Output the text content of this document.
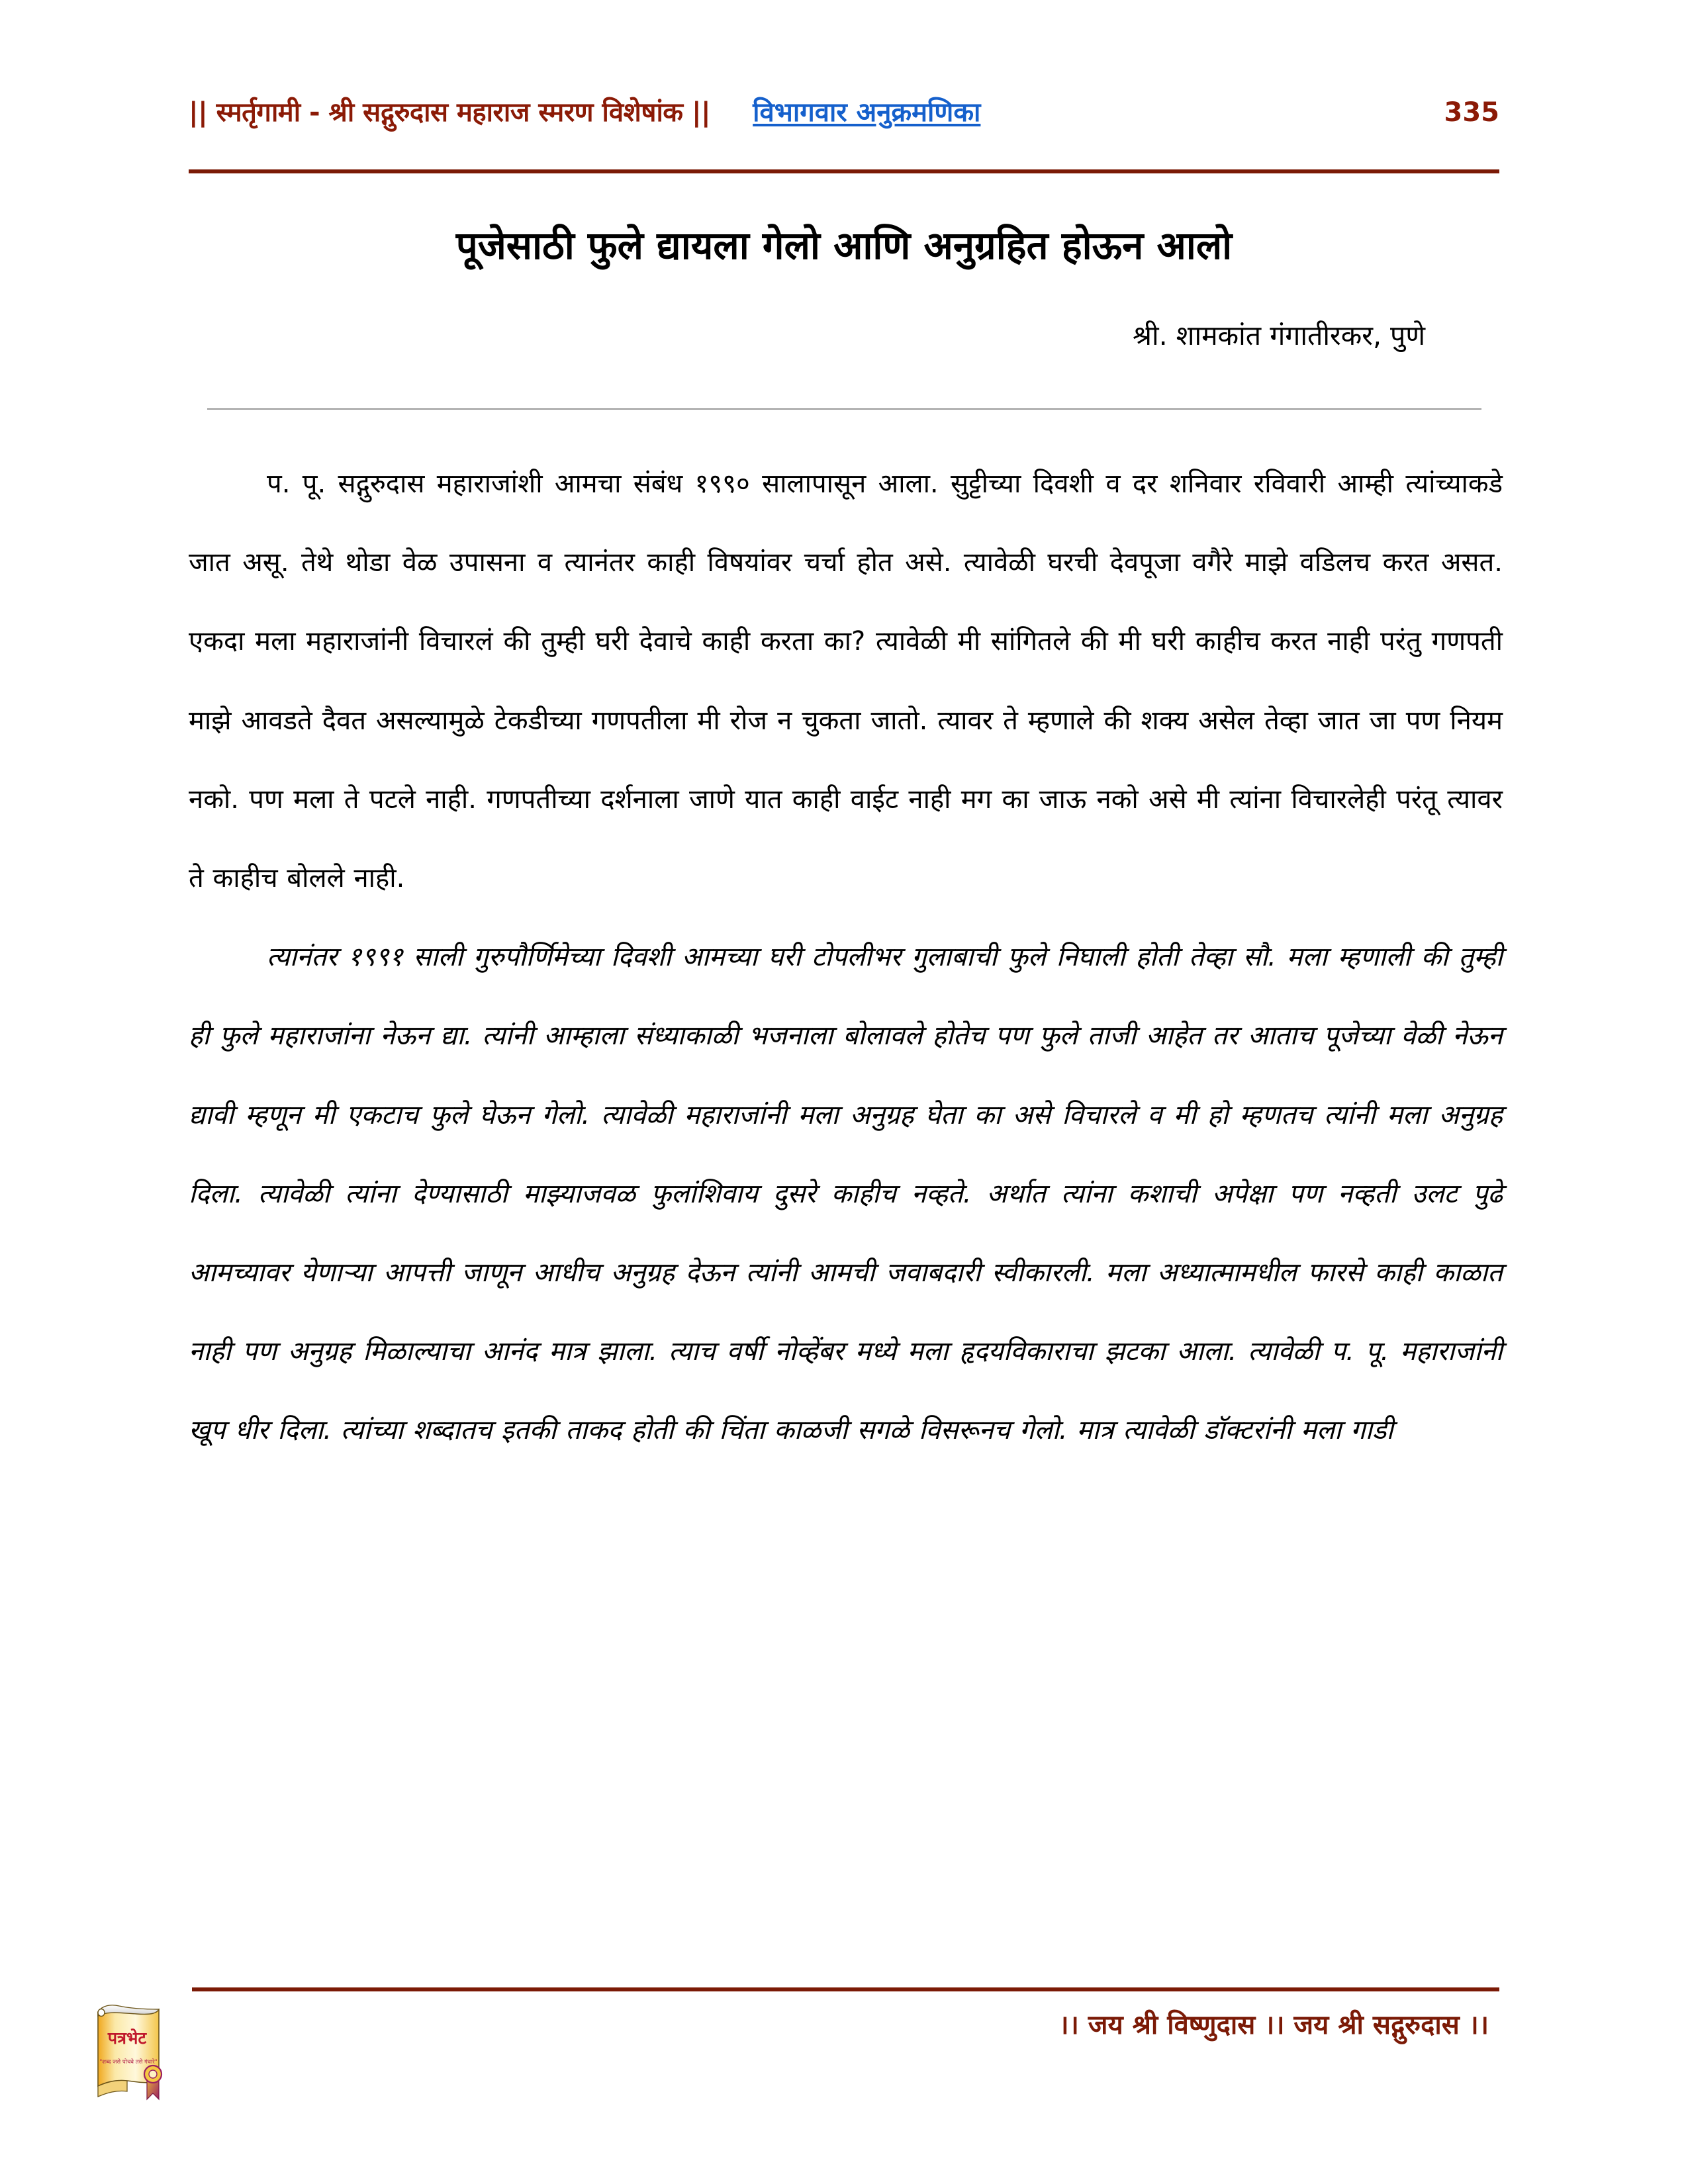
|| स्मर्तृगामी - श्री सद्गुरुदास महाराज स्मरण विशेषांक || विभागवार अनुक्रमणिका	335
पूजेसाठी फुले द्यायला गेलो आणि अनुग्रहित होऊन आलो
श्री. शामकांत गंगातीरकर, पुणे

प. पू. सद्गुरुदास महाराजांशी आमचा संबंध १९९० सालापासून आला. सुट्टीच्या दिवशी व दर शनिवार रविवारी आम्ही त्यांच्याकडे जात असू. तेथे थोडा वेळ उपासना व त्यानंतर काही विषयांवर चर्चा होत असे. त्यावेळी घरची देवपूजा वगैरे माझे वडिलच करत असत. एकदा मला महाराजांनी विचारलं की तुम्ही घरी देवाचे काही करता का? त्यावेळी मी सांगितले की मी घरी काहीच करत नाही परंतु गणपती माझे आवडते दैवत असल्यामुळे टेकडीच्या गणपतीला मी रोज न चुकता जातो. त्यावर ते म्हणाले की शक्य असेल तेव्हा जात जा पण नियम नको. पण मला ते पटले नाही. गणपतीच्या दर्शनाला जाणे यात काही वाईट नाही मग का जाऊ नको असे मी त्यांना विचारलेही परंतू त्यावर ते काहीच बोलले नाही.

त्यानंतर १९९१ साली गुरुपौर्णिमेच्या दिवशी आमच्या घरी टोपलीभर गुलाबाची फुले निघाली होती तेव्हा सौ. मला म्हणाली की तुम्ही ही फुले महाराजांना नेऊन द्या. त्यांनी आम्हाला संध्याकाळी भजनाला बोलावले होतेच पण फुले ताजी आहेत तर आताच पूजेच्या वेळी नेऊन द्यावी म्हणून मी एकटाच फुले घेऊन गेलो. त्यावेळी महाराजांनी मला अनुग्रह घेता का असे विचारले व मी हो म्हणतच त्यांनी मला अनुग्रह दिला. त्यावेळी त्यांना देण्यासाठी माझ्याजवळ फुलांशिवाय दुसरे काहीच नव्हते. अर्थात त्यांना कशाची अपेक्षा पण नव्हती उलट पुढे आमच्यावर येणाऱ्या आपत्ती जाणून आधीच अनुग्रह देऊन त्यांनी आमची जवाबदारी स्वीकारली. मला अध्यात्मामधील फारसे काही काळात नाही पण अनुग्रह मिळाल्याचा आनंद मात्र झाला. त्याच वर्षी नोव्हेंबर मध्ये मला हृदयविकाराचा झटका आला. त्यावेळी प. पू. महाराजांनी खूप धीर दिला. त्यांच्या शब्दातच इतकी ताकद होती की चिंता काळजी सगळे विसरूनच गेलो. मात्र त्यावेळी डॉक्टरांनी मला गाडी

।। जय श्री विष्णुदास ।। जय श्री सद्गुरुदास ।।
पत्रभेट
"शब्द जसे पोचवे तसे गंधारे"
